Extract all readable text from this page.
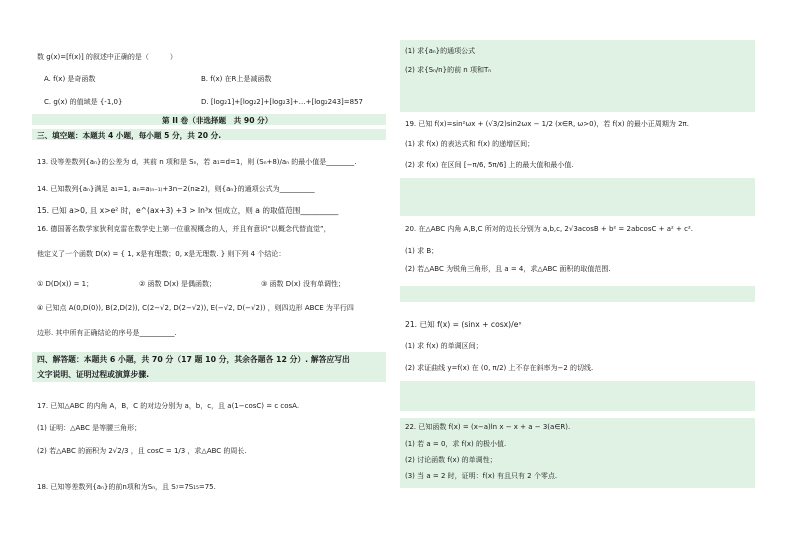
数 g(x)=[f(x)] 的叙述中正确的是（　　　）
A. f(x) 是奇函数	B. f(x) 在R上是减函数
C. g(x) 的值域是 {-1,0}	D. [log₂1]+[log₂2]+[log₂3]+…+[log₂243]=857
第 II 卷（非选择题　共 90 分）
三、填空题：本题共 4 小题，每小题 5 分，共 20 分.
13. 设等差数列{aₙ}的公差为 d，其前 n 项和是 Sₙ，若 a₁=d=1，则 (Sₙ+8)/aₙ 的最小值是________.
14. 已知数列{aₙ}满足 a₁=1, aₙ=a₍ₙ₋₁₎+3n−2(n≥2)，则{aₙ}的通项公式为__________
15. 已知 a>0, 且 x>e² 时，e^(ax+3) +3 > ln³x 恒成立，则 a 的取值范围__________
16. 德国著名数学家狄利克雷在数学史上第一位重视概念的人，并且有意识“以概念代替直觉”，
他定义了一个函数 D(x) = { 1, x是有理数；0, x是无理数. } 则下列 4 个结论：
① D(D(x)) = 1；	② 函数 D(x) 是偶函数；	③ 函数 D(x) 没有单调性；
④ 已知点 A(0,D(0)), B(2,D(2)), C(2−√2, D(2−√2)), E(−√2, D(−√2)) ，则四边形 ABCE 为平行四
边形. 其中所有正确结论的序号是__________.
四、解答题：本题共 6 小题，共 70 分（17 题 10 分，其余各题各 12 分）. 解答应写出
文字说明、证明过程或演算步骤.
17. 已知△ABC 的内角 A，B，C 的对边分别为 a，b，c，且 a(1−cosC) = c cosA.
(1) 证明：△ABC 是等腰三角形；
(2) 若△ABC 的面积为 2√2/3 ，且 cosC = 1/3 ，求△ABC 的周长.
18. 已知等差数列{aₙ}的前n项和为Sₙ，且 S₇=7S₁₅=75.
(1) 求{aₙ}的通项公式
(2) 求{Sₙ/n}的前 n 项和Tₙ
19. 已知 f(x)=sin²ωx + (√3/2)sin2ωx − 1/2 (x∈R, ω>0)，若 f(x) 的最小正周期为 2π.
(1) 求 f(x) 的表达式和 f(x) 的递增区间；
(2) 求 f(x) 在区间 [−π/6, 5π/6] 上的最大值和最小值.
20. 在△ABC 内角 A,B,C 所对的边长分别为 a,b,c, 2√3acosB + b² = 2abcosC + a² + c².
(1) 求 B；
(2) 若△ABC 为锐角三角形，且 a = 4，求△ABC 面积的取值范围.
21. 已知 f(x) = (sinx + cosx)/eˣ
(1) 求 f(x) 的单调区间；
(2) 求证曲线 y=f(x) 在 (0, π/2) 上不存在斜率为−2 的切线.
22. 已知函数 f(x) = (x−a)ln x − x + a − 3(a∈R).
(1) 若 a = 0，求 f(x) 的极小值.
(2) 讨论函数 f(x) 的单调性；
(3) 当 a = 2 时，证明：f(x) 有且只有 2 个零点.
